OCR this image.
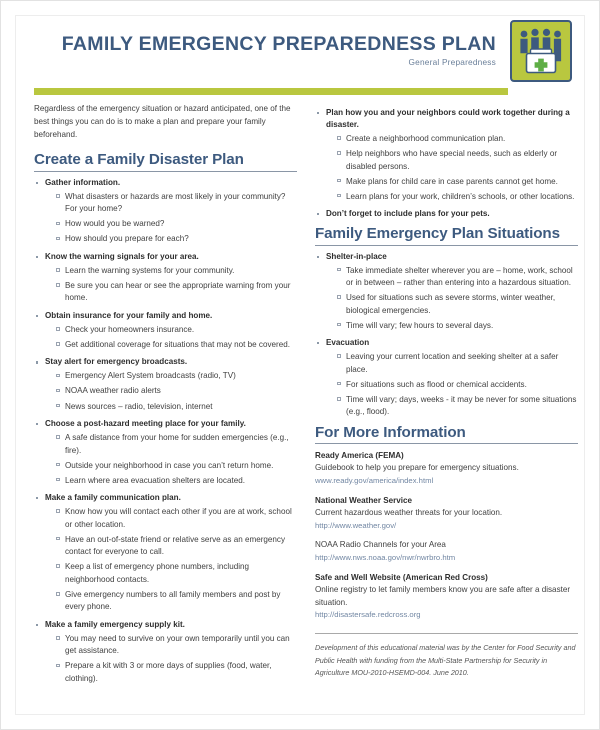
FAMILY EMERGENCY PREPAREDNESS PLAN
General Preparedness

Regardless of the emergency situation or hazard anticipated, one of the best things you can do is to make a plan and prepare your family beforehand.

Create a Family Disaster Plan
Gather information.
What disasters or hazards are most likely in your community? For your home?
How would you be warned?
How should you prepare for each?
Know the warning signals for your area.
Learn the warning systems for your community.
Be sure you can hear or see the appropriate warning from your home.
Obtain insurance for your family and home.
Check your homeowners insurance.
Get additional coverage for situations that may not be covered.
Stay alert for emergency broadcasts.
Emergency Alert System broadcasts (radio, TV)
NOAA weather radio alerts
News sources – radio, television, internet
Choose a post-hazard meeting place for your family.
A safe distance from your home for sudden emergencies (e.g., fire).
Outside your neighborhood in case you can’t return home.
Learn where area evacuation shelters are located.
Make a family communication plan.
Know how you will contact each other if you are at work, school or other location.
Have an out-of-state friend or relative serve as an emergency contact for everyone to call.
Keep a list of emergency phone numbers, including neighborhood contacts.
Give emergency numbers to all family members and post by every phone.
Make a family emergency supply kit.
You may need to survive on your own temporarily until you can get assistance.
Prepare a kit with 3 or more days of supplies (food, water, clothing).
Plan how you and your neighbors could work together during a disaster.
Create a neighborhood communication plan.
Help neighbors who have special needs, such as elderly or disabled persons.
Make plans for child care in case parents cannot get home.
Learn plans for your work, children’s schools, or other locations.
Don’t forget to include plans for your pets.
Family Emergency Plan Situations
Shelter-in-place
Take immediate shelter wherever you are – home, work, school or in between – rather than entering into a hazardous situation.
Used for situations such as severe storms, winter weather, biological emergencies.
Time will vary; few hours to several days.
Evacuation
Leaving your current location and seeking shelter at a safer place.
For situations such as flood or chemical accidents.
Time will vary; days, weeks - it may be never for some situations (e.g., flood).
For More Information
Ready America (FEMA)
Guidebook to help you prepare for emergency situations.
www.ready.gov/america/index.html
National Weather Service
Current hazardous weather threats for your location.
http://www.weather.gov/
NOAA Radio Channels for your Area
http://www.nws.noaa.gov/nwr/nwrbro.htm
Safe and Well Website (American Red Cross)
Online registry to let family members know you are safe after a disaster situation.
http://disastersafe.redcross.org
Development of this educational material was by the Center for Food Security and Public Health with funding from the Multi-State Partnership for Security in Agriculture MOU-2010-HSEMD-004. June 2010.
